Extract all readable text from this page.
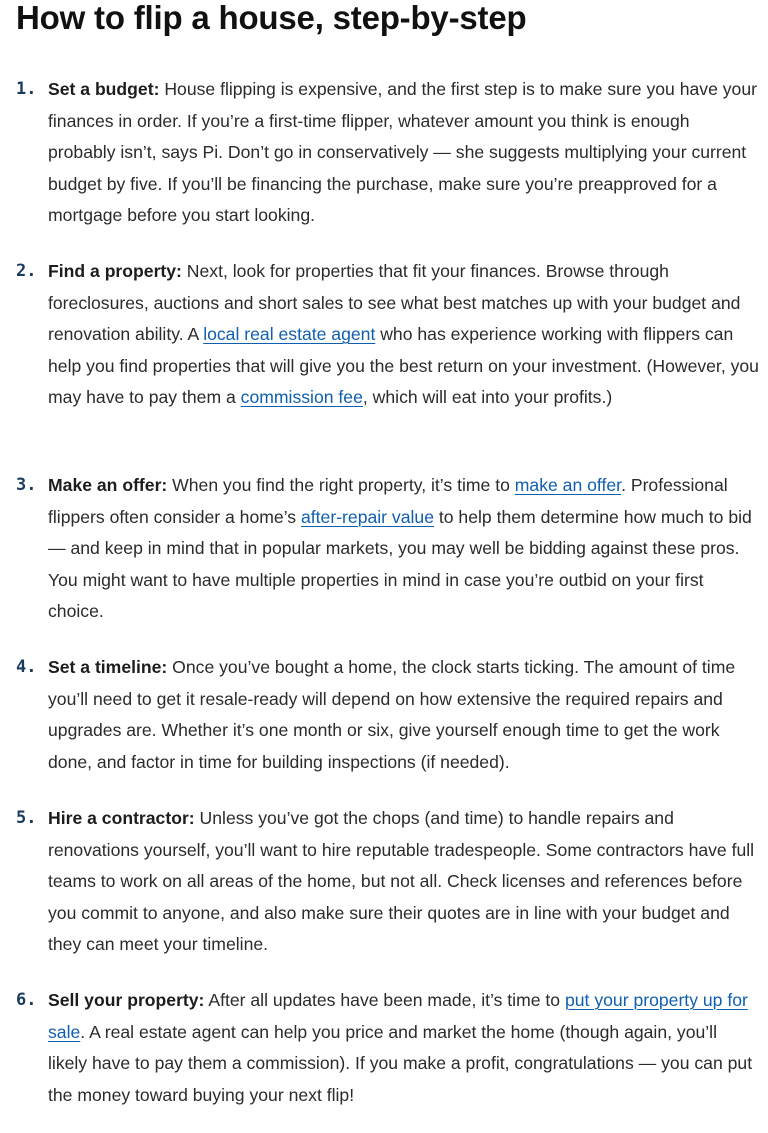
How to flip a house, step-by-step
1. Set a budget: House flipping is expensive, and the first step is to make sure you have your finances in order. If you’re a first-time flipper, whatever amount you think is enough probably isn’t, says Pi. Don’t go in conservatively — she suggests multiplying your current budget by five. If you’ll be financing the purchase, make sure you’re preapproved for a mortgage before you start looking.

2. Find a property: Next, look for properties that fit your finances. Browse through foreclosures, auctions and short sales to see what best matches up with your budget and renovation ability. A local real estate agent who has experience working with flippers can help you find properties that will give you the best return on your investment. (However, you may have to pay them a commission fee, which will eat into your profits.)

3. Make an offer: When you find the right property, it’s time to make an offer. Professional flippers often consider a home’s after-repair value to help them determine how much to bid — and keep in mind that in popular markets, you may well be bidding against these pros. You might want to have multiple properties in mind in case you’re outbid on your first choice.

4. Set a timeline: Once you’ve bought a home, the clock starts ticking. The amount of time you’ll need to get it resale-ready will depend on how extensive the required repairs and upgrades are. Whether it’s one month or six, give yourself enough time to get the work done, and factor in time for building inspections (if needed).

5. Hire a contractor: Unless you’ve got the chops (and time) to handle repairs and renovations yourself, you’ll want to hire reputable tradespeople. Some contractors have full teams to work on all areas of the home, but not all. Check licenses and references before you commit to anyone, and also make sure their quotes are in line with your budget and they can meet your timeline.

6. Sell your property: After all updates have been made, it’s time to put your property up for sale. A real estate agent can help you price and market the home (though again, you’ll likely have to pay them a commission). If you make a profit, congratulations — you can put the money toward buying your next flip!
